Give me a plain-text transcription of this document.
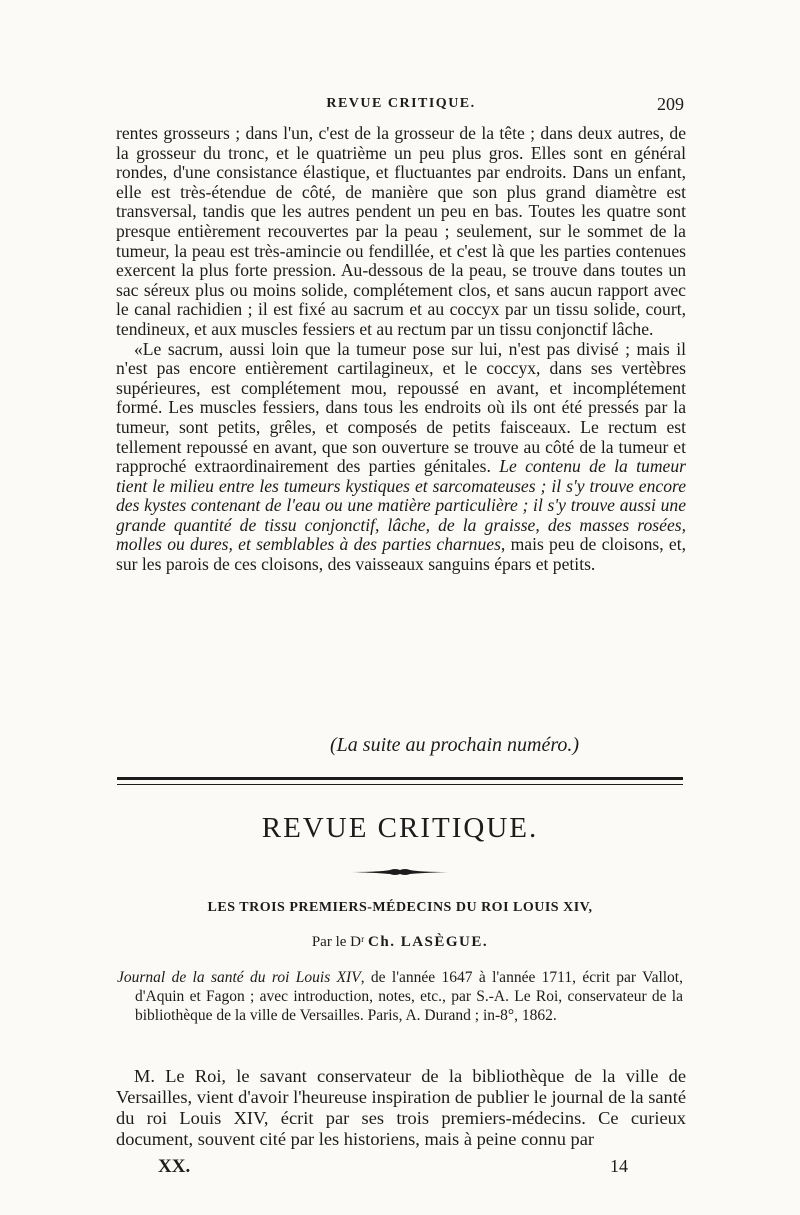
REVUE CRITIQUE.	209

rentes grosseurs ; dans l'un, c'est de la grosseur de la tête ; dans deux autres, de la grosseur du tronc, et le quatrième un peu plus gros. Elles sont en général rondes, d'une consistance élastique, et fluctuantes par endroits. Dans un enfant, elle est très-étendue de côté, de manière que son plus grand diamètre est transversal, tandis que les autres pendent un peu en bas. Toutes les quatre sont presque entièrement recouvertes par la peau ; seulement, sur le sommet de la tumeur, la peau est très-amincie ou fendillée, et c'est là que les parties contenues exercent la plus forte pression. Au-dessous de la peau, se trouve dans toutes un sac séreux plus ou moins solide, complétement clos, et sans aucun rapport avec le canal rachidien ; il est fixé au sacrum et au coccyx par un tissu solide, court, tendineux, et aux muscles fessiers et au rectum par un tissu conjonctif lâche.

«Le sacrum, aussi loin que la tumeur pose sur lui, n'est pas divisé ; mais il n'est pas encore entièrement cartilagineux, et le coccyx, dans ses vertèbres supérieures, est complétement mou, repoussé en avant, et incomplétement formé. Les muscles fessiers, dans tous les endroits où ils ont été pressés par la tumeur, sont petits, grêles, et composés de petits faisceaux. Le rectum est tellement repoussé en avant, que son ouverture se trouve au côté de la tumeur et rapproché extraordinairement des parties génitales. Le contenu de la tumeur tient le milieu entre les tumeurs kystiques et sarcomateuses ; il s'y trouve encore des kystes contenant de l'eau ou une matière particulière ; il s'y trouve aussi une grande quantité de tissu conjonctif, lâche, de la graisse, des masses rosées, molles ou dures, et semblables à des parties charnues, mais peu de cloisons, et, sur les parois de ces cloisons, des vaisseaux sanguins épars et petits.

(La suite au prochain numéro.)
REVUE CRITIQUE.
LES TROIS PREMIERS-MÉDECINS DU ROI LOUIS XIV,
Par le Dʳ Ch. LASÈGUE.

Journal de la santé du roi Louis XIV, de l'année 1647 à l'année 1711, écrit par Vallot, d'Aquin et Fagon ; avec introduction, notes, etc., par S.-A. Le Roi, conservateur de la bibliothèque de la ville de Versailles. Paris, A. Durand ; in-8°, 1862.

M. Le Roi, le savant conservateur de la bibliothèque de la ville de Versailles, vient d'avoir l'heureuse inspiration de publier le journal de la santé du roi Louis XIV, écrit par ses trois premiers-médecins. Ce curieux document, souvent cité par les historiens, mais à peine connu par

XX.	14
